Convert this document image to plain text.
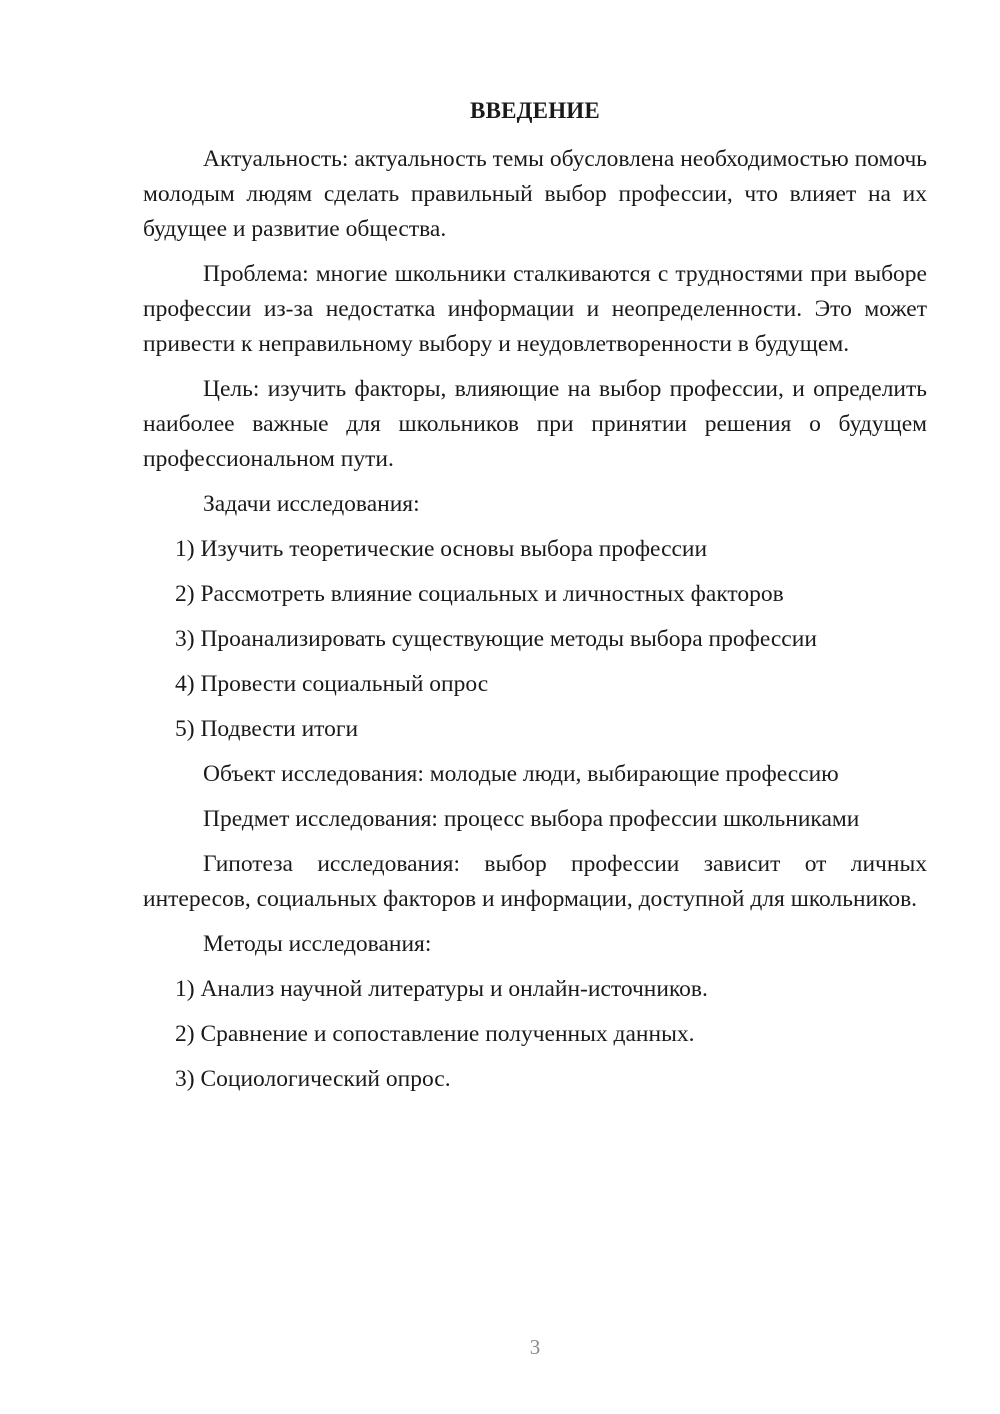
ВВЕДЕНИЕ

Актуальность: актуальность темы обусловлена необходимостью помочь молодым людям сделать правильный выбор профессии, что влияет на их будущее и развитие общества.

Проблема: многие школьники сталкиваются с трудностями при выборе профессии из-за недостатка информации и неопределенности. Это может привести к неправильному выбору и неудовлетворенности в будущем.

Цель: изучить факторы, влияющие на выбор профессии, и определить наиболее важные для школьников при принятии решения о будущем профессиональном пути.

Задачи исследования:
1) Изучить теоретические основы выбора профессии
2) Рассмотреть влияние социальных и личностных факторов
3) Проанализировать существующие методы выбора профессии
4) Провести социальный опрос
5) Подвести итоги
Объект исследования: молодые люди, выбирающие профессию
Предмет исследования: процесс выбора профессии школьниками

Гипотеза исследования: выбор профессии зависит от личных интересов, социальных факторов и информации, доступной для школьников.

Методы исследования:
1) Анализ научной литературы и онлайн-источников.
2) Сравнение и сопоставление полученных данных.
3) Социологический опрос.
3
